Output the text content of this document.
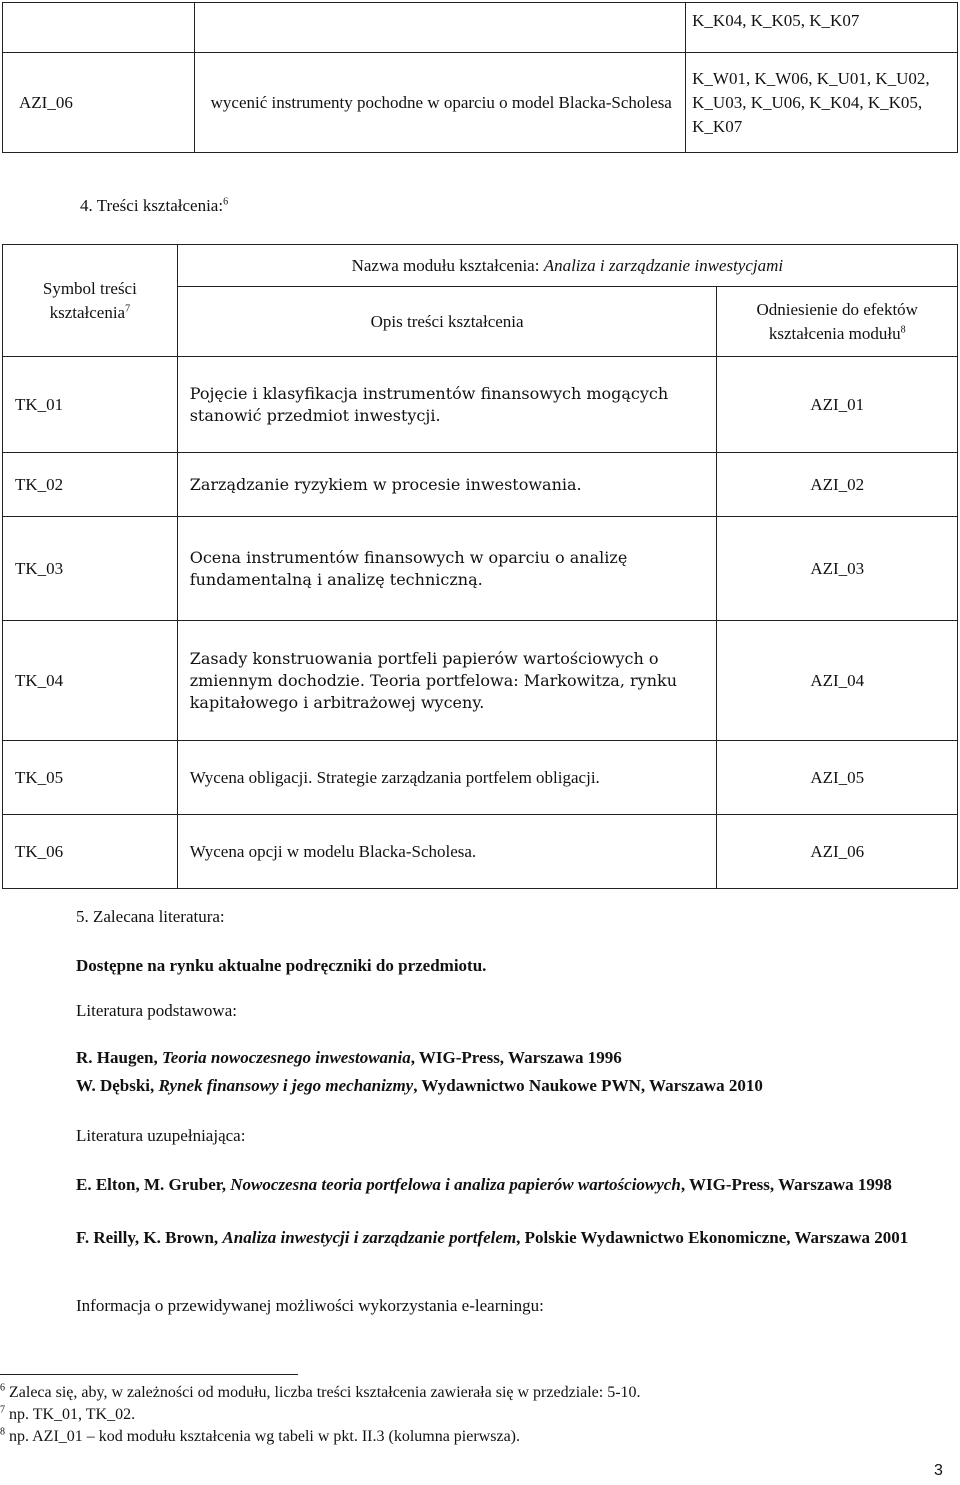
		K_K04, K_K05, K_K07
AZI_06	wycenić instrumenty pochodne w oparciu o model Blacka-Scholesa	K_W01, K_W06, K_U01, K_U02, K_U03, K_U06, K_K04, K_K05, K_K07
4. Treści kształcenia:$^6$
Symbol treści kształcenia$^7$	Nazwa modułu kształcenia: Analiza i zarządzanie inwestycjami	
	Opis treści kształcenia	Odniesienie do efektów kształcenia modułu$^8$
TK_01	Pojęcie i klasyfikacja instrumentów finansowych mogących stanowić przedmiot inwestycji.	AZI_01
TK_02	Zarządzanie ryzykiem w procesie inwestowania.	AZI_02
TK_03	Ocena instrumentów finansowych w oparciu o analizę fundamentalną i analizę techniczną.	AZI_03
TK_04	Zasady konstruowania portfeli papierów wartościowych o zmiennym dochodzie. Teoria portfelowa: Markowitza, rynku kapitałowego i arbitrażowej wyceny.	AZI_04
TK_05	Wycena obligacji. Strategie zarządzania portfelem obligacji.	AZI_05
TK_06	Wycena opcji w modelu Blacka-Scholesa.	AZI_06
5. Zalecana literatura:
Dostępne na rynku aktualne podręczniki do przedmiotu.
Literatura podstawowa:
R. Haugen, Teoria nowoczesnego inwestowania, WIG-Press, Warszawa 1996
W. Dębski, Rynek finansowy i jego mechanizmy, Wydawnictwo Naukowe PWN, Warszawa 2010
Literatura uzupełniająca:
E. Elton, M. Gruber, Nowoczesna teoria portfelowa i analiza papierów wartościowych, WIG-Press, Warszawa 1998
F. Reilly, K. Brown, Analiza inwestycji i zarządzanie portfelem, Polskie Wydawnictwo Ekonomiczne, Warszawa 2001
Informacja o przewidywanej możliwości wykorzystania e-learningu:
$^6$ Zaleca się, aby, w zależności od modułu, liczba treści kształcenia zawierała się w przedziale: 5-10.
$^7$ np. TK_01, TK_02.
$^8$ np. AZI_01 – kod modułu kształcenia wg tabeli w pkt. II.3 (kolumna pierwsza).
3
